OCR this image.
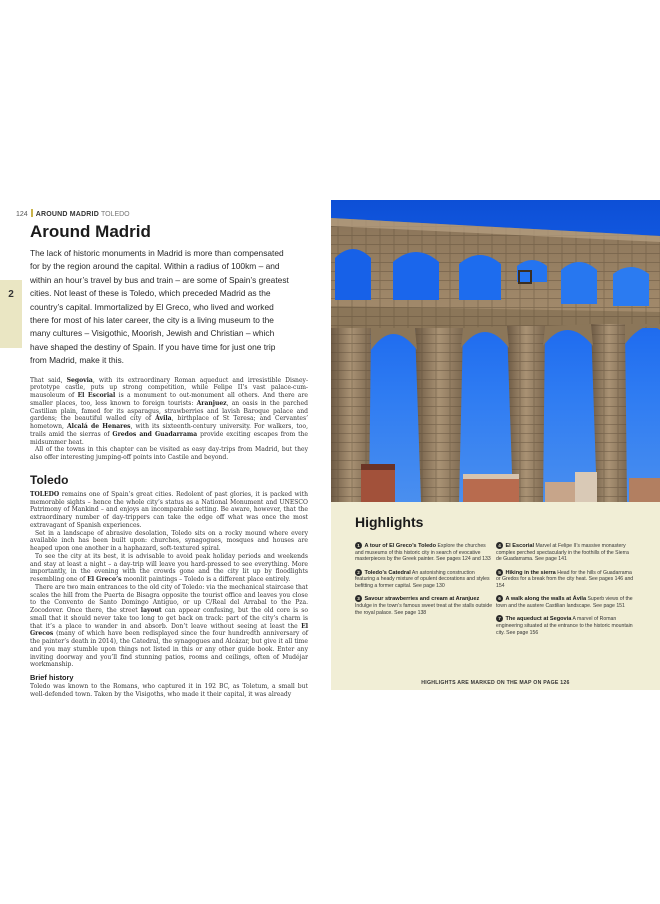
124 AROUND MADRID TOLEDO
2
Around Madrid

The lack of historic monuments in Madrid is more than compensated for by the region around the capital. Within a radius of 100km – and within an hour’s travel by bus and train – are some of Spain’s greatest cities. Not least of these is Toledo, which preceded Madrid as the country’s capital. Immortalized by El Greco, who lived and worked there for most of his later career, the city is a living museum to the many cultures – Visigothic, Moorish, Jewish and Christian – which have shaped the destiny of Spain. If you have time for just one trip from Madrid, make it this.

That said, Segovia, with its extraordinary Roman aqueduct and irresistible Disney-prototype castle, puts up strong competition, while Felipe II’s vast palace-cum-mausoleum of El Escorial is a monument to out-monument all others. And there are smaller places, too, less known to foreign tourists: Aranjuez, an oasis in the parched Castilian plain, famed for its asparagus, strawberries and lavish Baroque palace and gardens; the beautiful walled city of Ávila, birthplace of St Teresa; and Cervantes’ hometown, Alcalá de Henares, with its sixteenth-century university. For walkers, too, trails amid the sierras of Gredos and Guadarrama provide exciting escapes from the midsummer heat.

All of the towns in this chapter can be visited as easy day-trips from Madrid, but they also offer interesting jumping-off points into Castile and beyond.

Toledo

TOLEDO remains one of Spain’s great cities. Redolent of past glories, it is packed with memorable sights – hence the whole city’s status as a National Monument and UNESCO Patrimony of Mankind – and enjoys an incomparable setting. Be aware, however, that the extraordinary number of day-trippers can take the edge off what was once the most extravagant of Spanish experiences.

Set in a landscape of abrasive desolation, Toledo sits on a rocky mound where every available inch has been built upon: churches, synagogues, mosques and houses are heaped upon one another in a haphazard, soft-textured spiral.

To see the city at its best, it is advisable to avoid peak holiday periods and weekends and stay at least a night – a day-trip will leave you hard-pressed to see everything. More importantly, in the evening with the crowds gone and the city lit up by floodlights resembling one of El Greco’s moonlit paintings – Toledo is a different place entirely.

There are two main entrances to the old city of Toledo: via the mechanical staircase that scales the hill from the Puerta de Bisagra opposite the tourist office and leaves you close to the Convento de Santo Domingo Antiguo, or up C/Real del Arrabal to the Pza. Zocodover. Once there, the street layout can appear confusing, but the old core is so small that it should never take too long to get back on track: part of the city’s charm is that it’s a place to wander in and absorb. Don’t leave without seeing at least the El Grecos (many of which have been redisplayed since the four hundredth anniversary of the painter’s death in 2014), the Catedral, the synagogues and Alcázar, but give it all time and you may stumble upon things not listed in this or any other guide book. Enter any inviting doorway and you’ll find stunning patios, rooms and ceilings, often of Mudéjar workmanship.

Brief history

Toledo was known to the Romans, who captured it in 192 BC, as Toletum, a small but well-defended town. Taken by the Visigoths, who made it their capital, it was already

Highlights

1 A tour of El Greco’s Toledo Explore the churches and museums of this historic city in search of evocative masterpieces by the Greek painter. See pages 124 and 133

2 Toledo’s Catedral An astonishing construction featuring a heady mixture of opulent decorations and styles befitting a former capital. See page 130

3 Savour strawberries and cream at Aranjuez Indulge in the town’s famous sweet treat at the stalls outside the royal palace. See page 138

4 El Escorial Marvel at Felipe II’s massive monastery complex perched spectacularly in the foothills of the Sierra de Guadarrama. See page 141

5 Hiking in the sierra Head for the hills of Guadarrama or Gredos for a break from the city heat. See pages 146 and 154

6 A walk along the walls at Ávila Superb views of the town and the austere Castilian landscape. See page 151

7 The aqueduct at Segovia A marvel of Roman engineering situated at the entrance to the historic mountain city. See page 156

HIGHLIGHTS ARE MARKED ON THE MAP ON PAGE 126
